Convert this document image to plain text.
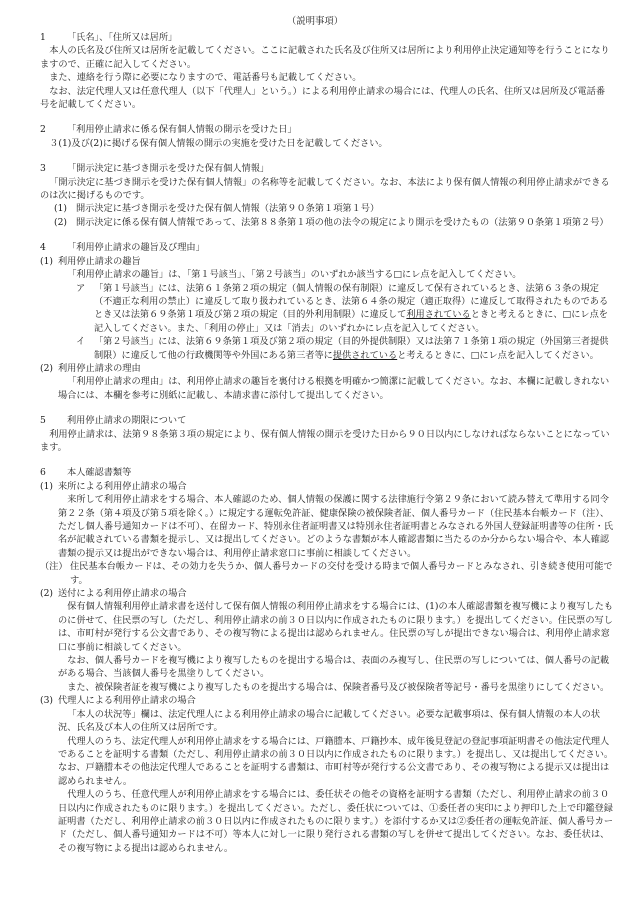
（説明事項）
1	「氏名」、「住所又は居所」

本人の氏名及び住所又は居所を記載してください。ここに記載された氏名及び住所又は居所により利用停止決定通知等を行うことになりますので、正確に記入してください。

また、連絡を行う際に必要になりますので、電話番号も記載してください。

なお、法定代理人又は任意代理人（以下「代理人」という。）による利用停止請求の場合には、代理人の氏名、住所又は居所及び電話番号を記載してください。

2	「利用停止請求に係る保有個人情報の開示を受けた日」

３(1)及び(2)に掲げる保有個人情報の開示の実施を受けた日を記載してください。

3	「開示決定に基づき開示を受けた保有個人情報」

「開示決定に基づき開示を受けた保有個人情報」の名称等を記載してください。なお、本法により保有個人情報の利用停止請求ができるのは次に掲げるものです。

(1) 開示決定に基づき開示を受けた保有個人情報（法第９０条第１項第１号）
(2) 開示決定に係る保有個人情報であって、法第８８条第１項の他の法令の規定により開示を受けたもの（法第９０条第１項第２号）
4	「利用停止請求の趣旨及び理由」
(1) 利用停止請求の趣旨

「利用停止請求の趣旨」は、「第１号該当」、「第２号該当」のいずれか該当する□にレ点を記入してください。

ア 「第１号該当」には、法第６１条第２項の規定（個人情報の保有制限）に違反して保有されているとき、法第６３条の規定（不適正な利用の禁止）に違反して取り扱われているとき、法第６４条の規定（適正取得）に違反して取得されたものであるとき又は法第６９条第１項及び第２項の規定（目的外利用制限）に違反して利用されているときと考えるときに、□にレ点を記入してください。また、「利用の停止」又は「消去」のいずれかにレ点を記入してください。
イ 「第２号該当」には、法第６９条第１項及び第２項の規定（目的外提供制限）又は法第７１条第１項の規定（外国第三者提供制限）に違反して他の行政機関等や外国にある第三者等に提供されていると考えるときに、□にレ点を記入してください。
(2) 利用停止請求の理由

「利用停止請求の理由」は、利用停止請求の趣旨を裏付ける根拠を明確かつ簡潔に記載してください。なお、本欄に記載しきれない場合には、本欄を参考に別紙に記載し、本請求書に添付して提出してください。

5	利用停止請求の期限について

利用停止請求は、法第９８条第３項の規定により、保有個人情報の開示を受けた日から９０日以内にしなければならないことになっています。

6	本人確認書類等
(1) 来所による利用停止請求の場合

来所して利用停止請求をする場合、本人確認のため、個人情報の保護に関する法律施行令第２９条において読み替えて準用する同令第２２条（第４項及び第５項を除く。）に規定する運転免許証、健康保険の被保険者証、個人番号カード（住民基本台帳カード（注）、ただし個人番号通知カードは不可）、在留カード、特別永住者証明書又は特別永住者証明書とみなされる外国人登録証明書等の住所・氏名が記載されている書類を提示し、又は提出してください。どのような書類が本人確認書類に当たるのか分からない場合や、本人確認書類の提示又は提出ができない場合は、利用停止請求窓口に事前に相談してください。

（注） 住民基本台帳カードは、その効力を失うか、個人番号カードの交付を受ける時まで個人番号カードとみなされ、引き続き使用可能です。
(2) 送付による利用停止請求の場合

保有個人情報利用停止請求書を送付して保有個人情報の利用停止請求をする場合には、(1)の本人確認書類を複写機により複写したものに併せて、住民票の写し（ただし、利用停止請求の前３０日以内に作成されたものに限ります。）を提出してください。住民票の写しは、市町村が発行する公文書であり、その複写物による提出は認められません。住民票の写しが提出できない場合は、利用停止請求窓口に事前に相談してください。

なお、個人番号カードを複写機により複写したものを提出する場合は、表面のみ複写し、住民票の写しについては、個人番号の記載がある場合、当該個人番号を黒塗りしてください。

また、被保険者証を複写機により複写したものを提出する場合は、保険者番号及び被保険者等記号・番号を黒塗りにしてください。

(3) 代理人による利用停止請求の場合

「本人の状況等」欄は、法定代理人による利用停止請求の場合に記載してください。必要な記載事項は、保有個人情報の本人の状況、氏名及び本人の住所又は居所です。

代理人のうち、法定代理人が利用停止請求をする場合には、戸籍謄本、戸籍抄本、成年後見登記の登記事項証明書その他法定代理人であることを証明する書類（ただし、利用停止請求の前３０日以内に作成されたものに限ります。）を提出し、又は提出してください。なお、戸籍謄本その他法定代理人であることを証明する書類は、市町村等が発行する公文書であり、その複写物による提示又は提出は認められません。

代理人のうち、任意代理人が利用停止請求をする場合には、委任状その他その資格を証明する書類（ただし、利用停止請求の前３０日以内に作成されたものに限ります。）を提出してください。ただし、委任状については、①委任者の実印により押印した上で印鑑登録証明書（ただし、利用停止請求の前３０日以内に作成されたものに限ります。）を添付するか又は②委任者の運転免許証、個人番号カード（ただし、個人番号通知カードは不可）等本人に対し一に限り発行される書類の写しを併せて提出してください。なお、委任状は、その複写物による提出は認められません。
